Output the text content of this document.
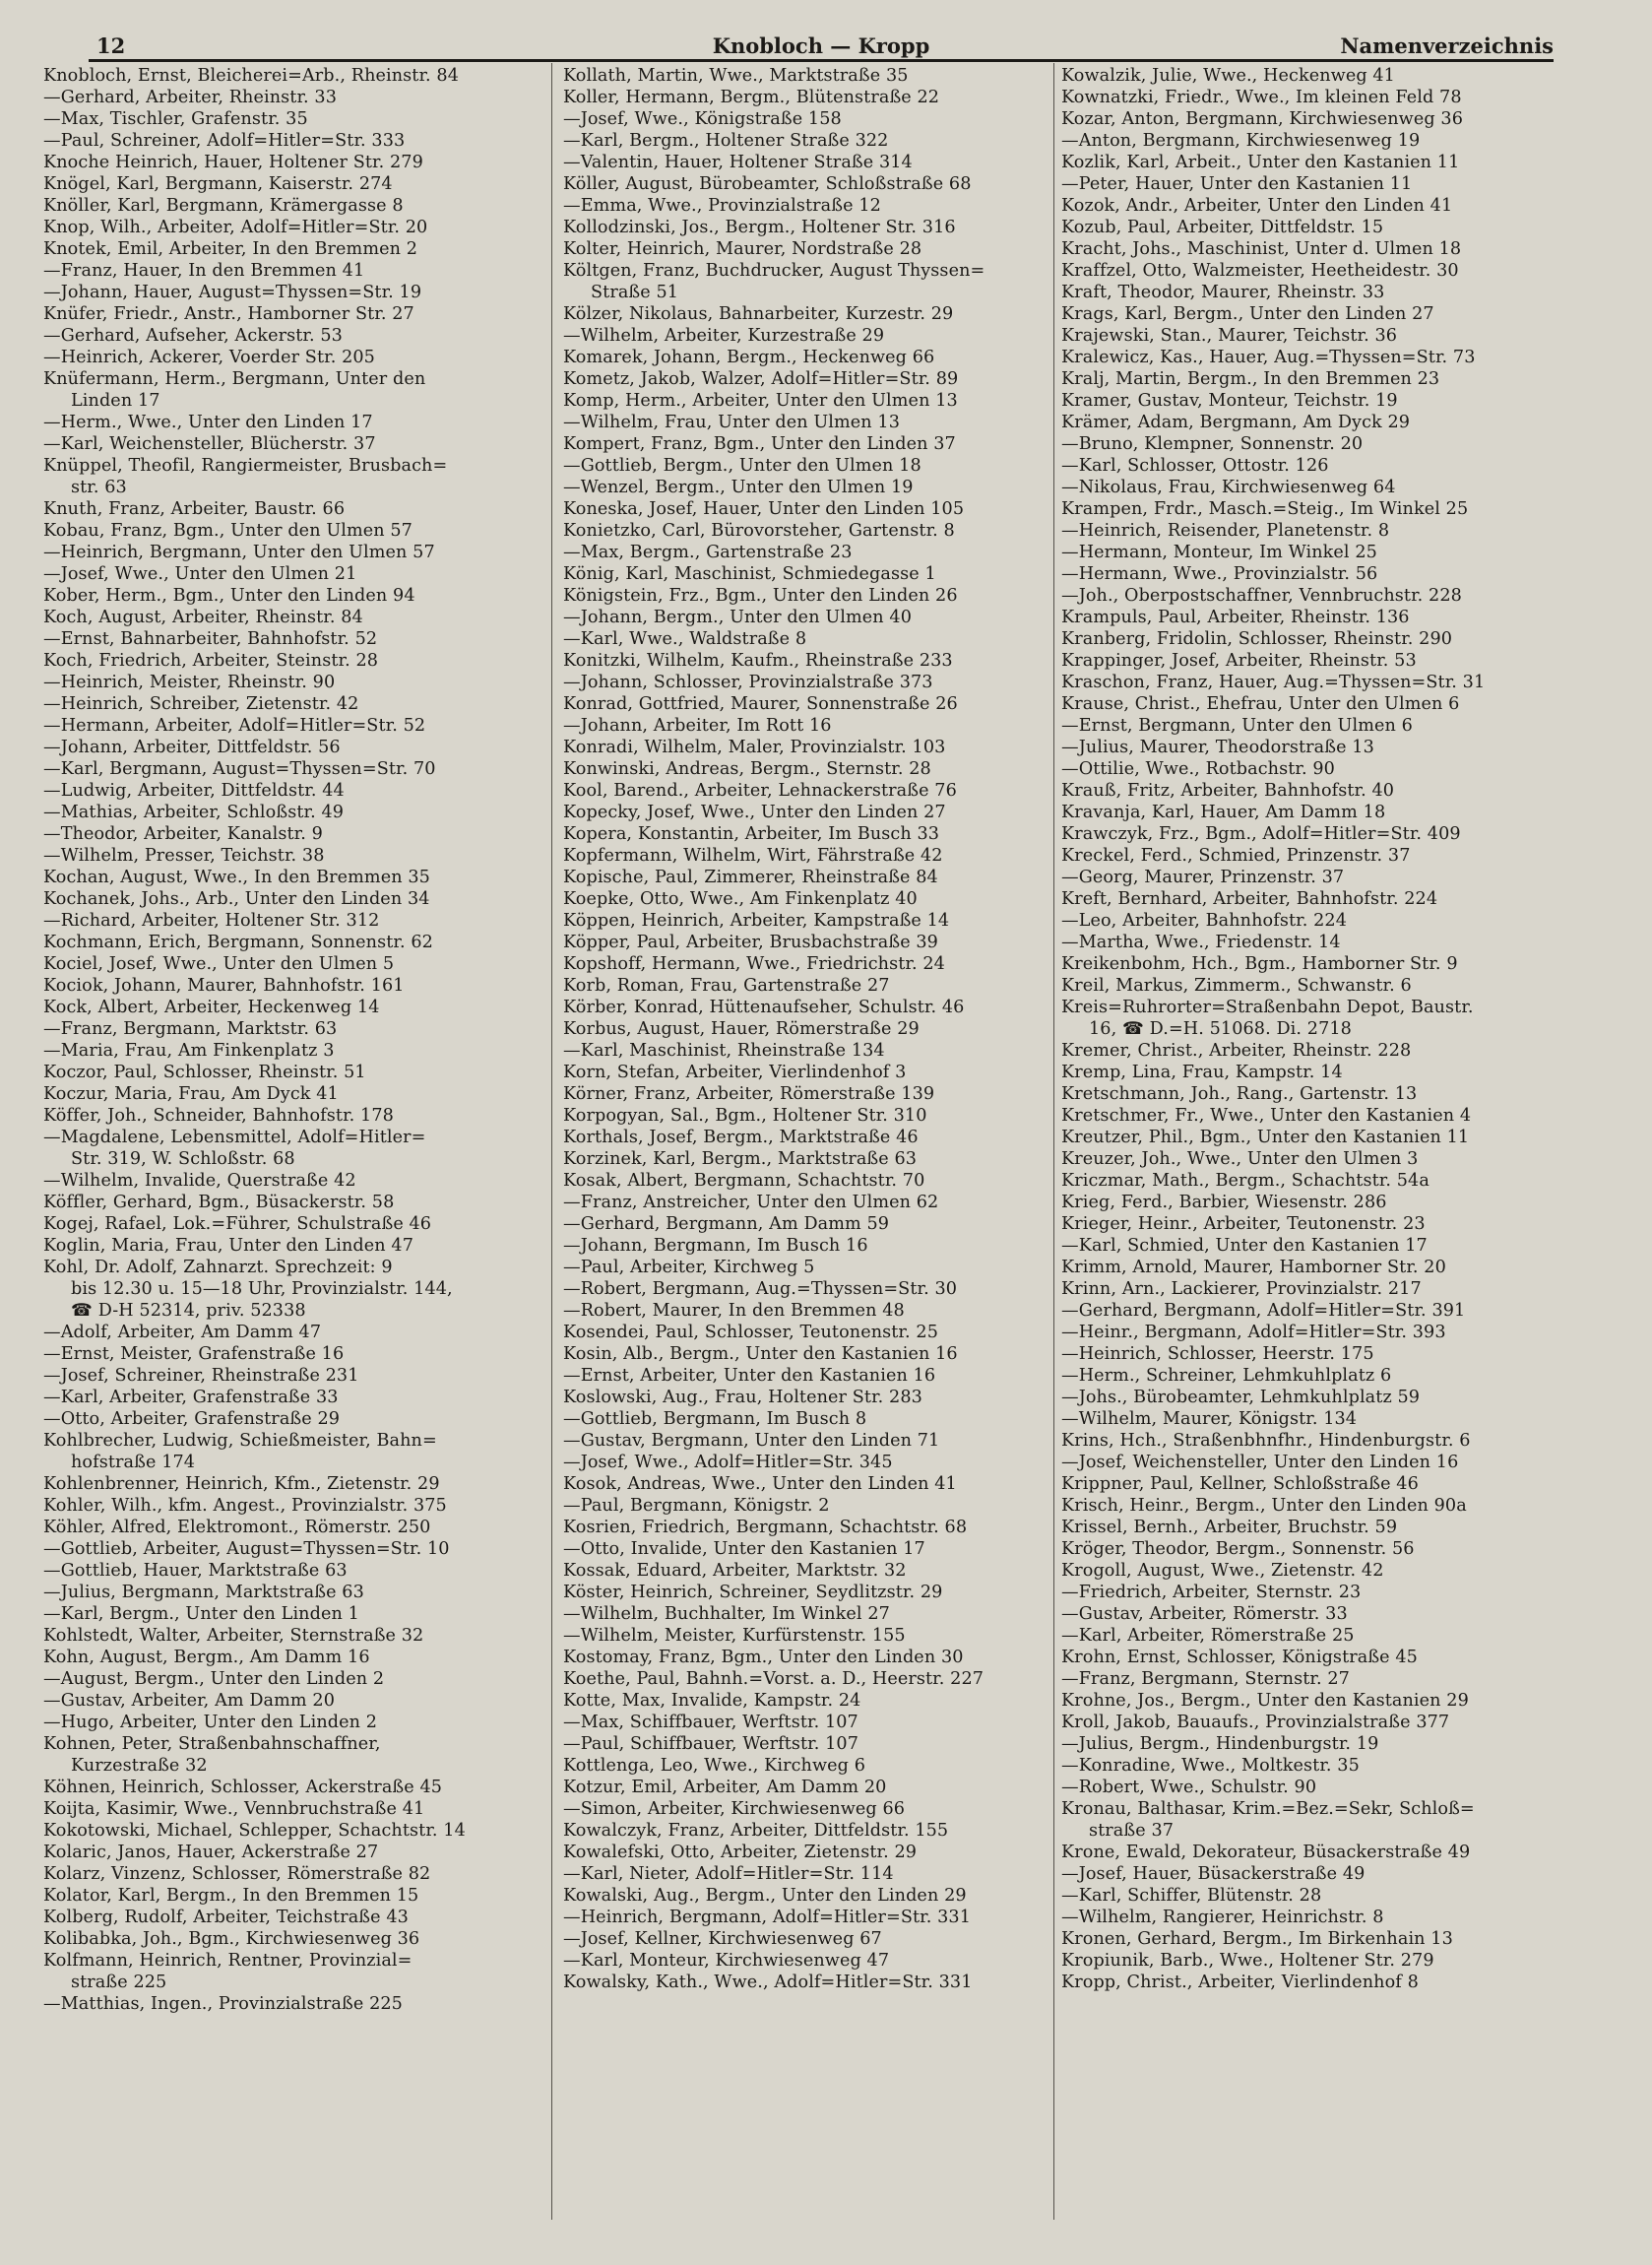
12	Knobloch — Kropp	Namenverzeichnis
Knobloch, Ernst, Bleicherei=Arb., Rheinstr. 84
—Gerhard, Arbeiter, Rheinstr. 33
—Max, Tischler, Grafenstr. 35
—Paul, Schreiner, Adolf=Hitler=Str. 333
Knoche Heinrich, Hauer, Holtener Str. 279
Knögel, Karl, Bergmann, Kaiserstr. 274
Knöller, Karl, Bergmann, Krämergasse 8
Knop, Wilh., Arbeiter, Adolf=Hitler=Str. 20
Knotek, Emil, Arbeiter, In den Bremmen 2
—Franz, Hauer, In den Bremmen 41
—Johann, Hauer, August=Thyssen=Str. 19
Knüfer, Friedr., Anstr., Hamborner Str. 27
—Gerhard, Aufseher, Ackerstr. 53
—Heinrich, Ackerer, Voerder Str. 205
Knüfermann, Herm., Bergmann, Unter den
Linden 17
—Herm., Wwe., Unter den Linden 17
—Karl, Weichensteller, Blücherstr. 37
Knüppel, Theofil, Rangiermeister, Brusbach=
str. 63
Knuth, Franz, Arbeiter, Baustr. 66
Kobau, Franz, Bgm., Unter den Ulmen 57
—Heinrich, Bergmann, Unter den Ulmen 57
—Josef, Wwe., Unter den Ulmen 21
Kober, Herm., Bgm., Unter den Linden 94
Koch, August, Arbeiter, Rheinstr. 84
—Ernst, Bahnarbeiter, Bahnhofstr. 52
Koch, Friedrich, Arbeiter, Steinstr. 28
—Heinrich, Meister, Rheinstr. 90
—Heinrich, Schreiber, Zietenstr. 42
—Hermann, Arbeiter, Adolf=Hitler=Str. 52
—Johann, Arbeiter, Dittfeldstr. 56
—Karl, Bergmann, August=Thyssen=Str. 70
—Ludwig, Arbeiter, Dittfeldstr. 44
—Mathias, Arbeiter, Schloßstr. 49
—Theodor, Arbeiter, Kanalstr. 9
—Wilhelm, Presser, Teichstr. 38
Kochan, August, Wwe., In den Bremmen 35
Kochanek, Johs., Arb., Unter den Linden 34
—Richard, Arbeiter, Holtener Str. 312
Kochmann, Erich, Bergmann, Sonnenstr. 62
Kociel, Josef, Wwe., Unter den Ulmen 5
Kociok, Johann, Maurer, Bahnhofstr. 161
Kock, Albert, Arbeiter, Heckenweg 14
—Franz, Bergmann, Marktstr. 63
—Maria, Frau, Am Finkenplatz 3
Koczor, Paul, Schlosser, Rheinstr. 51
Koczur, Maria, Frau, Am Dyck 41
Köffer, Joh., Schneider, Bahnhofstr. 178
—Magdalene, Lebensmittel, Adolf=Hitler=
Str. 319, W. Schloßstr. 68
—Wilhelm, Invalide, Querstraße 42
Köffler, Gerhard, Bgm., Büsackerstr. 58
Kogej, Rafael, Lok.=Führer, Schulstraße 46
Koglin, Maria, Frau, Unter den Linden 47
Kohl, Dr. Adolf, Zahnarzt. Sprechzeit: 9
bis 12.30 u. 15—18 Uhr, Provinzialstr. 144,
☎ D-H 52314, priv. 52338
—Adolf, Arbeiter, Am Damm 47
—Ernst, Meister, Grafenstraße 16
—Josef, Schreiner, Rheinstraße 231
—Karl, Arbeiter, Grafenstraße 33
—Otto, Arbeiter, Grafenstraße 29
Kohlbrecher, Ludwig, Schießmeister, Bahn=
hofstraße 174
Kohlenbrenner, Heinrich, Kfm., Zietenstr. 29
Kohler, Wilh., kfm. Angest., Provinzialstr. 375
Köhler, Alfred, Elektromont., Römerstr. 250
—Gottlieb, Arbeiter, August=Thyssen=Str. 10
—Gottlieb, Hauer, Marktstraße 63
—Julius, Bergmann, Marktstraße 63
—Karl, Bergm., Unter den Linden 1
Kohlstedt, Walter, Arbeiter, Sternstraße 32
Kohn, August, Bergm., Am Damm 16
—August, Bergm., Unter den Linden 2
—Gustav, Arbeiter, Am Damm 20
—Hugo, Arbeiter, Unter den Linden 2
Kohnen, Peter, Straßenbahnschaffner,
Kurzestraße 32
Köhnen, Heinrich, Schlosser, Ackerstraße 45
Koijta, Kasimir, Wwe., Vennbruchstraße 41
Kokotowski, Michael, Schlepper, Schachtstr. 14
Kolaric, Janos, Hauer, Ackerstraße 27
Kolarz, Vinzenz, Schlosser, Römerstraße 82
Kolator, Karl, Bergm., In den Bremmen 15
Kolberg, Rudolf, Arbeiter, Teichstraße 43
Kolibabka, Joh., Bgm., Kirchwiesenweg 36
Kolfmann, Heinrich, Rentner, Provinzial=
straße 225
—Matthias, Ingen., Provinzialstraße 225
Kollath, Martin, Wwe., Marktstraße 35
Koller, Hermann, Bergm., Blütenstraße 22
—Josef, Wwe., Königstraße 158
—Karl, Bergm., Holtener Straße 322
—Valentin, Hauer, Holtener Straße 314
Köller, August, Bürobeamter, Schloßstraße 68
—Emma, Wwe., Provinzialstraße 12
Kollodzinski, Jos., Bergm., Holtener Str. 316
Kolter, Heinrich, Maurer, Nordstraße 28
Költgen, Franz, Buchdrucker, August Thyssen=
Straße 51
Kölzer, Nikolaus, Bahnarbeiter, Kurzestr. 29
—Wilhelm, Arbeiter, Kurzestraße 29
Komarek, Johann, Bergm., Heckenweg 66
Kometz, Jakob, Walzer, Adolf=Hitler=Str. 89
Komp, Herm., Arbeiter, Unter den Ulmen 13
—Wilhelm, Frau, Unter den Ulmen 13
Kompert, Franz, Bgm., Unter den Linden 37
—Gottlieb, Bergm., Unter den Ulmen 18
—Wenzel, Bergm., Unter den Ulmen 19
Koneska, Josef, Hauer, Unter den Linden 105
Konietzko, Carl, Bürovorsteher, Gartenstr. 8
—Max, Bergm., Gartenstraße 23
König, Karl, Maschinist, Schmiedegasse 1
Königstein, Frz., Bgm., Unter den Linden 26
—Johann, Bergm., Unter den Ulmen 40
—Karl, Wwe., Waldstraße 8
Konitzki, Wilhelm, Kaufm., Rheinstraße 233
—Johann, Schlosser, Provinzialstraße 373
Konrad, Gottfried, Maurer, Sonnenstraße 26
—Johann, Arbeiter, Im Rott 16
Konradi, Wilhelm, Maler, Provinzialstr. 103
Konwinski, Andreas, Bergm., Sternstr. 28
Kool, Barend., Arbeiter, Lehnackerstraße 76
Kopecky, Josef, Wwe., Unter den Linden 27
Kopera, Konstantin, Arbeiter, Im Busch 33
Kopfermann, Wilhelm, Wirt, Fährstraße 42
Kopische, Paul, Zimmerer, Rheinstraße 84
Koepke, Otto, Wwe., Am Finkenplatz 40
Köppen, Heinrich, Arbeiter, Kampstraße 14
Köpper, Paul, Arbeiter, Brusbachstraße 39
Kopshoff, Hermann, Wwe., Friedrichstr. 24
Korb, Roman, Frau, Gartenstraße 27
Körber, Konrad, Hüttenaufseher, Schulstr. 46
Korbus, August, Hauer, Römerstraße 29
—Karl, Maschinist, Rheinstraße 134
Korn, Stefan, Arbeiter, Vierlindenhof 3
Körner, Franz, Arbeiter, Römerstraße 139
Korpogyan, Sal., Bgm., Holtener Str. 310
Korthals, Josef, Bergm., Marktstraße 46
Korzinek, Karl, Bergm., Marktstraße 63
Kosak, Albert, Bergmann, Schachtstr. 70
—Franz, Anstreicher, Unter den Ulmen 62
—Gerhard, Bergmann, Am Damm 59
—Johann, Bergmann, Im Busch 16
—Paul, Arbeiter, Kirchweg 5
—Robert, Bergmann, Aug.=Thyssen=Str. 30
—Robert, Maurer, In den Bremmen 48
Kosendei, Paul, Schlosser, Teutonenstr. 25
Kosin, Alb., Bergm., Unter den Kastanien 16
—Ernst, Arbeiter, Unter den Kastanien 16
Koslowski, Aug., Frau, Holtener Str. 283
—Gottlieb, Bergmann, Im Busch 8
—Gustav, Bergmann, Unter den Linden 71
—Josef, Wwe., Adolf=Hitler=Str. 345
Kosok, Andreas, Wwe., Unter den Linden 41
—Paul, Bergmann, Königstr. 2
Kosrien, Friedrich, Bergmann, Schachtstr. 68
—Otto, Invalide, Unter den Kastanien 17
Kossak, Eduard, Arbeiter, Marktstr. 32
Köster, Heinrich, Schreiner, Seydlitzstr. 29
—Wilhelm, Buchhalter, Im Winkel 27
—Wilhelm, Meister, Kurfürstenstr. 155
Kostomay, Franz, Bgm., Unter den Linden 30
Koethe, Paul, Bahnh.=Vorst. a. D., Heerstr. 227
Kotte, Max, Invalide, Kampstr. 24
—Max, Schiffbauer, Werftstr. 107
—Paul, Schiffbauer, Werftstr. 107
Kottlenga, Leo, Wwe., Kirchweg 6
Kotzur, Emil, Arbeiter, Am Damm 20
—Simon, Arbeiter, Kirchwiesenweg 66
Kowalczyk, Franz, Arbeiter, Dittfeldstr. 155
Kowalefski, Otto, Arbeiter, Zietenstr. 29
—Karl, Nieter, Adolf=Hitler=Str. 114
Kowalski, Aug., Bergm., Unter den Linden 29
—Heinrich, Bergmann, Adolf=Hitler=Str. 331
—Josef, Kellner, Kirchwiesenweg 67
—Karl, Monteur, Kirchwiesenweg 47
Kowalsky, Kath., Wwe., Adolf=Hitler=Str. 331
Kowalzik, Julie, Wwe., Heckenweg 41
Kownatzki, Friedr., Wwe., Im kleinen Feld 78
Kozar, Anton, Bergmann, Kirchwiesenweg 36
—Anton, Bergmann, Kirchwiesenweg 19
Kozlik, Karl, Arbeit., Unter den Kastanien 11
—Peter, Hauer, Unter den Kastanien 11
Kozok, Andr., Arbeiter, Unter den Linden 41
Kozub, Paul, Arbeiter, Dittfeldstr. 15
Kracht, Johs., Maschinist, Unter d. Ulmen 18
Kraffzel, Otto, Walzmeister, Heetheidestr. 30
Kraft, Theodor, Maurer, Rheinstr. 33
Krags, Karl, Bergm., Unter den Linden 27
Krajewski, Stan., Maurer, Teichstr. 36
Kralewicz, Kas., Hauer, Aug.=Thyssen=Str. 73
Kralj, Martin, Bergm., In den Bremmen 23
Kramer, Gustav, Monteur, Teichstr. 19
Krämer, Adam, Bergmann, Am Dyck 29
—Bruno, Klempner, Sonnenstr. 20
—Karl, Schlosser, Ottostr. 126
—Nikolaus, Frau, Kirchwiesenweg 64
Krampen, Frdr., Masch.=Steig., Im Winkel 25
—Heinrich, Reisender, Planetenstr. 8
—Hermann, Monteur, Im Winkel 25
—Hermann, Wwe., Provinzialstr. 56
—Joh., Oberpostschaffner, Vennbruchstr. 228
Krampuls, Paul, Arbeiter, Rheinstr. 136
Kranberg, Fridolin, Schlosser, Rheinstr. 290
Krappinger, Josef, Arbeiter, Rheinstr. 53
Kraschon, Franz, Hauer, Aug.=Thyssen=Str. 31
Krause, Christ., Ehefrau, Unter den Ulmen 6
—Ernst, Bergmann, Unter den Ulmen 6
—Julius, Maurer, Theodorstraße 13
—Ottilie, Wwe., Rotbachstr. 90
Krauß, Fritz, Arbeiter, Bahnhofstr. 40
Kravanja, Karl, Hauer, Am Damm 18
Krawczyk, Frz., Bgm., Adolf=Hitler=Str. 409
Kreckel, Ferd., Schmied, Prinzenstr. 37
—Georg, Maurer, Prinzenstr. 37
Kreft, Bernhard, Arbeiter, Bahnhofstr. 224
—Leo, Arbeiter, Bahnhofstr. 224
—Martha, Wwe., Friedenstr. 14
Kreikenbohm, Hch., Bgm., Hamborner Str. 9
Kreil, Markus, Zimmerm., Schwanstr. 6
Kreis=Ruhrorter=Straßenbahn Depot, Baustr.
16, ☎ D.=H. 51068. Di. 2718
Kremer, Christ., Arbeiter, Rheinstr. 228
Kremp, Lina, Frau, Kampstr. 14
Kretschmann, Joh., Rang., Gartenstr. 13
Kretschmer, Fr., Wwe., Unter den Kastanien 4
Kreutzer, Phil., Bgm., Unter den Kastanien 11
Kreuzer, Joh., Wwe., Unter den Ulmen 3
Kriczmar, Math., Bergm., Schachtstr. 54a
Krieg, Ferd., Barbier, Wiesenstr. 286
Krieger, Heinr., Arbeiter, Teutonenstr. 23
—Karl, Schmied, Unter den Kastanien 17
Krimm, Arnold, Maurer, Hamborner Str. 20
Krinn, Arn., Lackierer, Provinzialstr. 217
—Gerhard, Bergmann, Adolf=Hitler=Str. 391
—Heinr., Bergmann, Adolf=Hitler=Str. 393
—Heinrich, Schlosser, Heerstr. 175
—Herm., Schreiner, Lehmkuhlplatz 6
—Johs., Bürobeamter, Lehmkuhlplatz 59
—Wilhelm, Maurer, Königstr. 134
Krins, Hch., Straßenbhnfhr., Hindenburgstr. 6
—Josef, Weichensteller, Unter den Linden 16
Krippner, Paul, Kellner, Schloßstraße 46
Krisch, Heinr., Bergm., Unter den Linden 90a
Krissel, Bernh., Arbeiter, Bruchstr. 59
Kröger, Theodor, Bergm., Sonnenstr. 56
Krogoll, August, Wwe., Zietenstr. 42
—Friedrich, Arbeiter, Sternstr. 23
—Gustav, Arbeiter, Römerstr. 33
—Karl, Arbeiter, Römerstraße 25
Krohn, Ernst, Schlosser, Königstraße 45
—Franz, Bergmann, Sternstr. 27
Krohne, Jos., Bergm., Unter den Kastanien 29
Kroll, Jakob, Bauaufs., Provinzialstraße 377
—Julius, Bergm., Hindenburgstr. 19
—Konradine, Wwe., Moltkestr. 35
—Robert, Wwe., Schulstr. 90
Kronau, Balthasar, Krim.=Bez.=Sekr, Schloß=
straße 37
Krone, Ewald, Dekorateur, Büsackerstraße 49
—Josef, Hauer, Büsackerstraße 49
—Karl, Schiffer, Blütenstr. 28
—Wilhelm, Rangierer, Heinrichstr. 8
Kronen, Gerhard, Bergm., Im Birkenhain 13
Kropiunik, Barb., Wwe., Holtener Str. 279
Kropp, Christ., Arbeiter, Vierlindenhof 8
